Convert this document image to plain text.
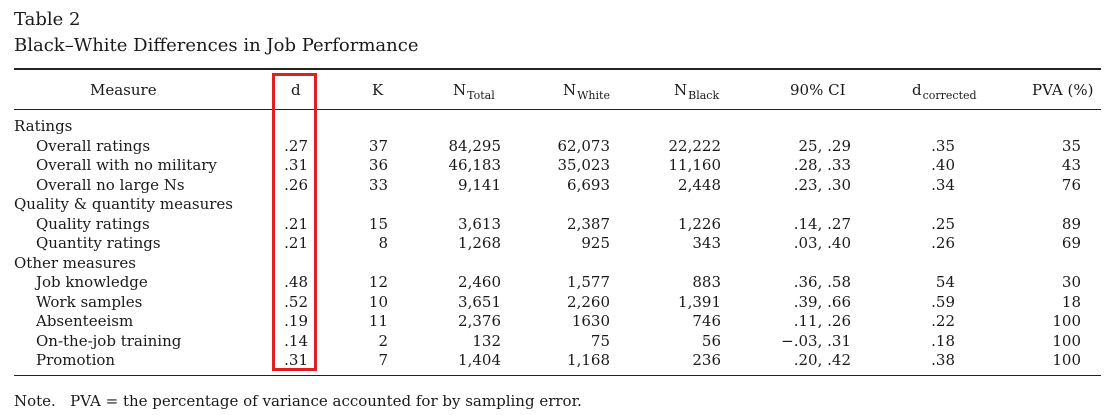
Table 2
Black–White Differences in Job Performance
Measure	d	K	$N_{Total}$	$N_{White}$	$N_{Black}$	90% CI	$d_{corrected}$	PVA (%)
Ratings
Overall ratings	.27	37	84,295	62,073	22,222	25, .29	.35	35
Overall with no military	.31	36	46,183	35,023	11,160	.28, .33	.40	43
Overall no large Ns	.26	33	9,141	6,693	2,448	.23, .30	.34	76
Quality & quantity measures
Quality ratings	.21	15	3,613	2,387	1,226	.14, .27	.25	89
Quantity ratings	.21	8	1,268	925	343	.03, .40	.26	69
Other measures
Job knowledge	.48	12	2,460	1,577	883	.36, .58	54	30
Work samples	.52	10	3,651	2,260	1,391	.39, .66	.59	18
Absenteeism	.19	11	2,376	1630	746	.11, .26	.22	100
On-the-job training	.14	2	132	75	56	−.03, .31	.18	100
Promotion	.31	7	1,404	1,168	236	.20, .42	.38	100
Note.   PVA = the percentage of variance accounted for by sampling error.
